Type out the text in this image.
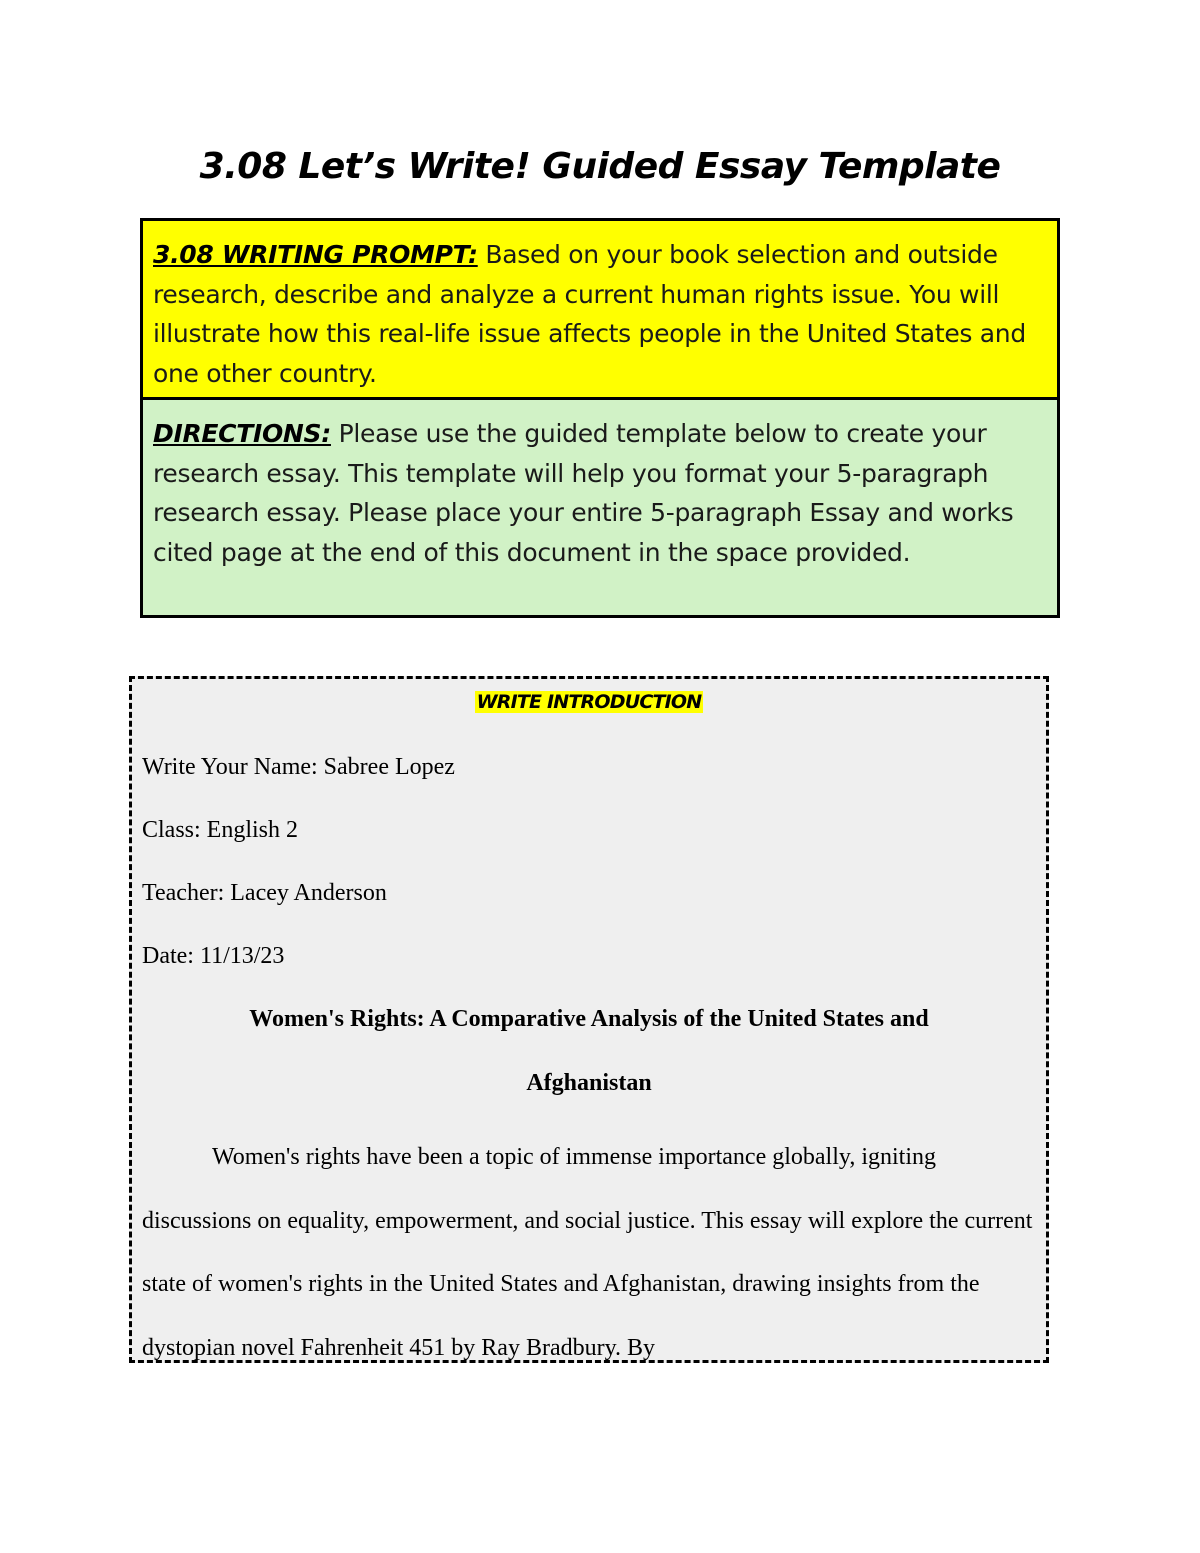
3.08 Let’s Write! Guided Essay Template
3.08 WRITING PROMPT: Based on your book selection and outside research, describe and analyze a current human rights issue. You will illustrate how this real-life issue affects people in the United States and one other country.
DIRECTIONS: Please use the guided template below to create your research essay. This template will help you format your 5-paragraph research essay. Please place your entire 5-paragraph Essay and works cited page at the end of this document in the space provided.
WRITE INTRODUCTION
Write Your Name: Sabree Lopez
Class: English 2
Teacher: Lacey Anderson
Date: 11/13/23
Women's Rights: A Comparative Analysis of the United States and
Afghanistan
Women's rights have been a topic of immense importance globally, igniting discussions on equality, empowerment, and social justice. This essay will explore the current state of women's rights in the United States and Afghanistan, drawing insights from the dystopian novel Fahrenheit 451 by Ray Bradbury. By
